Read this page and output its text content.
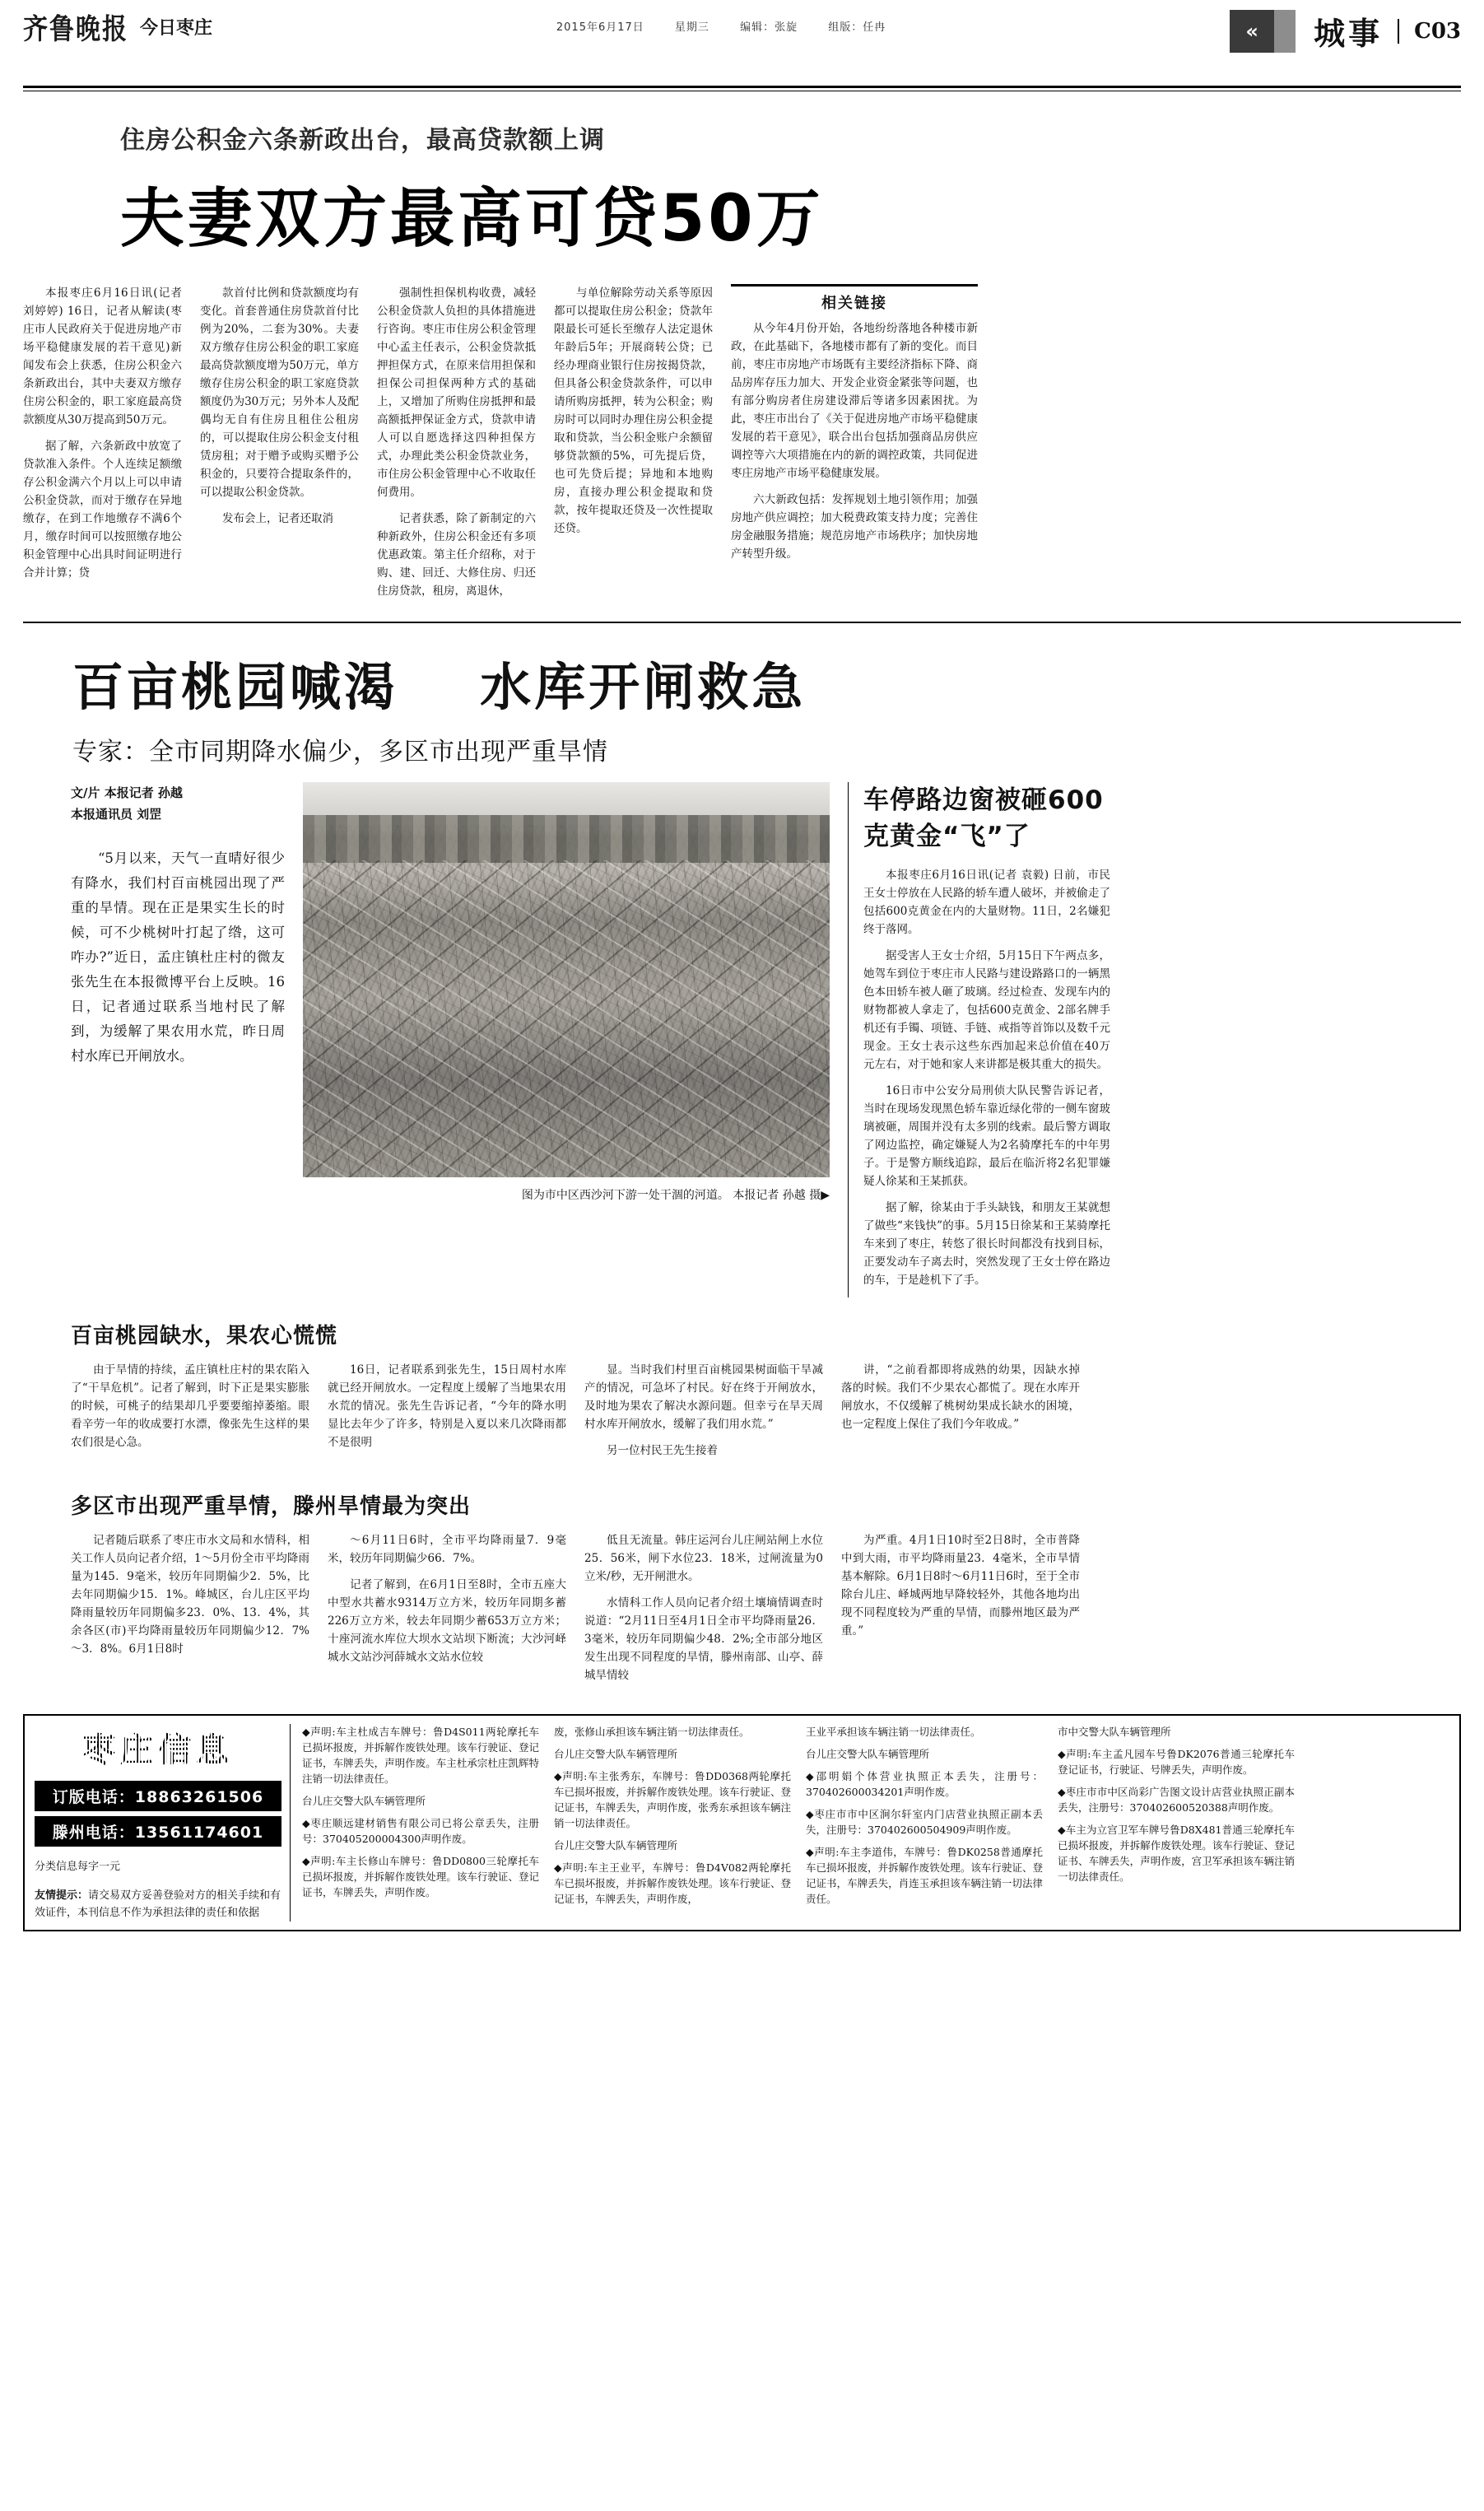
齐鲁晚报 今日枣庄	2015年6月17日	星期三	编辑：张旋	组版：任冉	«	城事	C03
住房公积金六条新政出台，最高贷款额上调
夫妻双方最高可贷50万

本报枣庄6月16日讯(记者 刘婷婷) 16日，记者从解读(枣庄市人民政府关于促进房地产市场平稳健康发展的若干意见)新闻发布会上获悉，住房公积金六条新政出台，其中夫妻双方缴存住房公积金的，职工家庭最高贷款额度从30万提高到50万元。

据了解，六条新政中放宽了贷款准入条件。个人连续足额缴存公积金满六个月以上可以申请公积金贷款，而对于缴存在异地缴存，在到工作地缴存不满6个月，缴存时间可以按照缴存地公积金管理中心出具时间证明进行合并计算；贷

款首付比例和贷款额度均有变化。首套普通住房贷款首付比例为20%，二套为30%。夫妻双方缴存住房公积金的职工家庭最高贷款额度增为50万元，单方缴存住房公积金的职工家庭贷款额度仍为30万元；另外本人及配偶均无自有住房且租住公租房的，可以提取住房公积金支付租赁房租；对于赠予或购买赠予公积金的，只要符合提取条件的，可以提取公积金贷款。

发布会上，记者还取消

强制性担保机构收费，减轻公积金贷款人负担的具体措施进行咨询。枣庄市住房公积金管理中心孟主任表示，公积金贷款抵押担保方式，在原来信用担保和担保公司担保两种方式的基础上，又增加了所购住房抵押和最高额抵押保证金方式，贷款申请人可以自愿选择这四种担保方式，办理此类公积金贷款业务，市住房公积金管理中心不收取任何费用。

记者获悉，除了新制定的六种新政外，住房公积金还有多项优惠政策。第主任介绍称，对于购、建、回迁、大修住房、归还住房贷款，租房，离退休，

与单位解除劳动关系等原因都可以提取住房公积金；贷款年限最长可延长至缴存人法定退休年龄后5年；开展商转公贷；已经办理商业银行住房按揭贷款，但具备公积金贷款条件，可以申请所购房抵押，转为公积金；购房时可以同时办理住房公积金提取和贷款，当公积金账户余额留够贷款额的5%，可先提后贷，也可先贷后提；异地和本地购房，直接办理公积金提取和贷款，按年提取还贷及一次性提取还贷。

相关链接

从今年4月份开始，各地纷纷落地各种楼市新政，在此基础下，各地楼市都有了新的变化。而目前，枣庄市房地产市场既有主要经济指标下降、商品房库存压力加大、开发企业资金紧张等问题，也有部分购房者住房建设滞后等诸多因素困扰。为此，枣庄市出台了《关于促进房地产市场平稳健康发展的若干意见》，联合出台包括加强商品房供应调控等六大项措施在内的新的调控政策，共同促进枣庄房地产市场平稳健康发展。

六大新政包括：发挥规划土地引领作用；加强房地产供应调控；加大税费政策支持力度；完善住房金融服务措施；规范房地产市场秩序；加快房地产转型升级。

百亩桃园喊渴 水库开闸救急
专家：全市同期降水偏少，多区市出现严重旱情
文/片 本报记者 孙越
本报通讯员 刘罡
“5月以来，天气一直晴好很少有降水，我们村百亩桃园出现了严重的旱情。现在正是果实生长的时候，可不少桃树叶打起了绺，这可咋办?”近日，孟庄镇杜庄村的微友张先生在本报微博平台上反映。16日，记者通过联系当地村民了解到，为缓解了果农用水荒，昨日周村水库已开闸放水。
图为市中区西沙河下游一处干涸的河道。 本报记者 孙越 摄▶
车停路边窗被砸600克黄金“飞”了

本报枣庄6月16日讯(记者 袁毅) 日前，市民王女士停放在人民路的轿车遭人破坏，并被偷走了包括600克黄金在内的大量财物。11日，2名嫌犯终于落网。

据受害人王女士介绍，5月15日下午两点多，她驾车到位于枣庄市人民路与建设路路口的一辆黑色本田轿车被人砸了玻璃。经过检查、发现车内的财物都被人拿走了，包括600克黄金、2部名牌手机还有手镯、项链、手链、戒指等首饰以及数千元现金。王女士表示这些东西加起来总价值在40万元左右，对于她和家人来讲都是极其重大的损失。

16日市中公安分局刑侦大队民警告诉记者，当时在现场发现黑色轿车靠近绿化带的一侧车窗玻璃被砸，周围并没有太多别的线索。最后警方调取了网边监控，确定嫌疑人为2名骑摩托车的中年男子。于是警方顺线追踪，最后在临沂将2名犯罪嫌疑人徐某和王某抓获。

据了解，徐某由于手头缺钱，和朋友王某就想了做些“来钱快”的事。5月15日徐某和王某骑摩托车来到了枣庄，转悠了很长时间都没有找到目标，正要发动车子离去时，突然发现了王女士停在路边的车，于是趁机下了手。

百亩桃园缺水，果农心慌慌

由于旱情的持续，孟庄镇杜庄村的果农陷入了“干旱危机”。记者了解到，时下正是果实膨胀的时候，可桃子的结果却几乎要要缩掉萎缩。眼看辛劳一年的收成要打水漂，像张先生这样的果农们很是心急。

16日，记者联系到张先生，15日周村水库就已经开闸放水。一定程度上缓解了当地果农用水荒的情况。张先生告诉记者，“今年的降水明显比去年少了许多，特别是入夏以来几次降雨都不是很明

显。当时我们村里百亩桃园果树面临干旱减产的情况，可急坏了村民。好在终于开闸放水，及时地为果农了解决水源问题。但幸亏在旱天周村水库开闸放水，缓解了我们用水荒。”

另一位村民王先生接着

讲，“之前看都即将成熟的幼果，因缺水掉落的时候。我们不少果农心都慌了。现在水库开闸放水，不仅缓解了桃树幼果成长缺水的困境，也一定程度上保住了我们今年收成。”

多区市出现严重旱情，滕州旱情最为突出

记者随后联系了枣庄市水文局和水情科，相关工作人员向记者介绍，1～5月份全市平均降雨量为145．9毫米，较历年同期偏少2．5%，比去年同期偏少15．1%。峰城区，台儿庄区平均降雨量较历年同期偏多23．0%、13．4%，其余各区(市)平均降雨量较历年同期偏少12．7%～3．8%。6月1日8时

～6月11日6时，全市平均降雨量7．9毫米，较历年同期偏少66．7%。

记者了解到，在6月1日至8时，全市五座大中型水共蓄水9314万立方米，较历年同期多蓄226万立方米，较去年同期少蓄653万立方米；十座河流水库位大坝水文站坝下断流；大沙河峄城水文站沙河薛城水文站水位较

低且无流量。韩庄运河台儿庄闸站闸上水位25．56米，闸下水位23．18米，过闸流量为0立米/秒，无开闸泄水。

水情科工作人员向记者介绍土壤墒情调查时说道：“2月11日至4月1日全市平均降雨量26．3毫米，较历年同期偏少48．2%;全市部分地区发生出现不同程度的旱情，滕州南部、山亭、薛城旱情较

为严重。4月1日10时至2日8时，全市普降中到大雨，市平均降雨量23．4毫米，全市旱情基本解除。6月1日8时～6月11日6时，至于全市除台儿庄、峄城两地早降较轻外，其他各地均出现不同程度较为严重的旱情，而滕州地区最为严重。”

枣庄信息
订版电话：18863261506
滕州电话：13561174601
分类信息每字一元
友情提示：请交易双方妥善登验对方的相关手续和有效证件，本刊信息不作为承担法律的责任和依据

◆声明:车主杜成吉车牌号：鲁D4S011两轮摩托车已损坏报废，并拆解作废铁处理。该车行驶证、登记证书，车牌丢失，声明作废。车主杜承宗杜庄凯辉特注销一切法律责任。

台儿庄交警大队车辆管理所

◆枣庄顺远建材销售有限公司已将公章丢失，注册号：370405200004300声明作废。

◆声明:车主长修山车牌号：鲁DD0800三轮摩托车已损坏报废，并拆解作废铁处理。该车行驶证、登记证书，车牌丢失，声明作废。

废，张修山承担该车辆注销一切法律责任。

台儿庄交警大队车辆管理所

◆声明:车主张秀东，车牌号：鲁DD0368两轮摩托车已损坏报废，并拆解作废铁处理。该车行驶证、登记证书，车牌丢失，声明作废，张秀东承担该车辆注销一切法律责任。

台儿庄交警大队车辆管理所

◆声明:车主王业平，车牌号：鲁D4V082两轮摩托车已损坏报废，并拆解作废铁处理。该车行驶证、登记证书，车牌丢失，声明作废，

王业平承担该车辆注销一切法律责任。

台儿庄交警大队车辆管理所

◆邵明娟个体营业执照正本丢失，注册号：370402600034201声明作废。

◆枣庄市市中区涧尔轩室内门店营业执照正副本丢失，注册号：370402600504909声明作废。

◆声明:车主李道伟，车牌号：鲁DK0258普通摩托车已损坏报废，并拆解作废铁处理。该车行驶证、登记证书，车牌丢失，肖连玉承担该车辆注销一切法律责任。

市中交警大队车辆管理所

◆声明:车主孟凡园车号鲁DK2076普通三轮摩托车登记证书，行驶证、号牌丢失，声明作废。

◆枣庄市市中区尚彩广告图文设计店营业执照正副本丢失，注册号：370402600520388声明作废。

◆车主为立宫卫军车牌号鲁D8X481普通三轮摩托车已损坏报废，并拆解作废铁处理。该车行驶证、登记证书、车牌丢失，声明作废，宫卫军承担该车辆注销一切法律责任。
